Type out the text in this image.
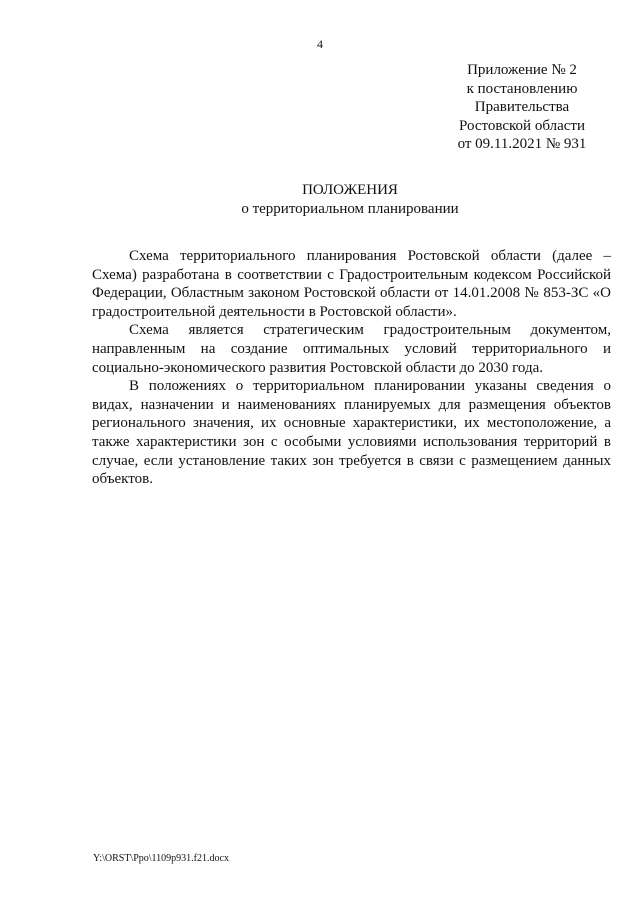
4
Приложение № 2
к постановлению
Правительства
Ростовской области
от 09.11.2021 № 931
ПОЛОЖЕНИЯ
о территориальном планировании

Схема территориального планирования Ростовской области (далее – Схема) разработана в соответствии с Градостроительным кодексом Российской Федерации, Областным законом Ростовской области от 14.01.2008 № 853-ЗС «О градостроительной деятельности в Ростовской области».

Схема является стратегическим градостроительным документом, направленным на создание оптимальных условий территориального и социально-экономического развития Ростовской области до 2030 года.

В положениях о территориальном планировании указаны сведения о видах, назначении и наименованиях планируемых для размещения объектов регионального значения, их основные характеристики, их местоположение, а также характеристики зон с особыми условиями использования территорий в случае, если установление таких зон требуется в связи с размещением данных объектов.

Y:\ORST\Ppo\1109p931.f21.docx
